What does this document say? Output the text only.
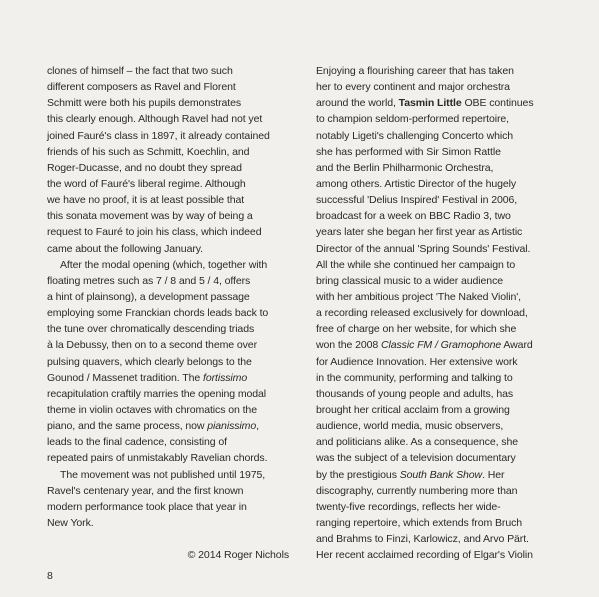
clones of himself – the fact that two such
different composers as Ravel and Florent
Schmitt were both his pupils demonstrates
this clearly enough. Although Ravel had not yet
joined Fauré's class in 1897, it already contained
friends of his such as Schmitt, Koechlin, and
Roger-Ducasse, and no doubt they spread
the word of Fauré's liberal regime. Although
we have no proof, it is at least possible that
this sonata movement was by way of being a
request to Fauré to join his class, which indeed
came about the following January.
After the modal opening (which, together with
floating metres such as 7 / 8 and 5 / 4, offers
a hint of plainsong), a development passage
employing some Franckian chords leads back to
the tune over chromatically descending triads
à la Debussy, then on to a second theme over
pulsing quavers, which clearly belongs to the
Gounod / Massenet tradition. The fortissimo
recapitulation craftily marries the opening modal
theme in violin octaves with chromatics on the
piano, and the same process, now pianissimo,
leads to the final cadence, consisting of
repeated pairs of unmistakably Ravelian chords.
The movement was not published until 1975,
Ravel's centenary year, and the first known
modern performance took place that year in
New York.
© 2014 Roger Nichols
Enjoying a flourishing career that has taken
her to every continent and major orchestra
around the world, Tasmin Little OBE continues
to champion seldom-performed repertoire,
notably Ligeti's challenging Concerto which
she has performed with Sir Simon Rattle
and the Berlin Philharmonic Orchestra,
among others. Artistic Director of the hugely
successful 'Delius Inspired' Festival in 2006,
broadcast for a week on BBC Radio 3, two
years later she began her first year as Artistic
Director of the annual 'Spring Sounds' Festival.
All the while she continued her campaign to
bring classical music to a wider audience
with her ambitious project 'The Naked Violin',
a recording released exclusively for download,
free of charge on her website, for which she
won the 2008 Classic FM / Gramophone Award
for Audience Innovation. Her extensive work
in the community, performing and talking to
thousands of young people and adults, has
brought her critical acclaim from a growing
audience, world media, music observers,
and politicians alike. As a consequence, she
was the subject of a television documentary
by the prestigious South Bank Show. Her
discography, currently numbering more than
twenty-five recordings, reflects her wide-
ranging repertoire, which extends from Bruch
and Brahms to Finzi, Karlowicz, and Arvo Pärt.
Her recent acclaimed recording of Elgar's Violin
8
